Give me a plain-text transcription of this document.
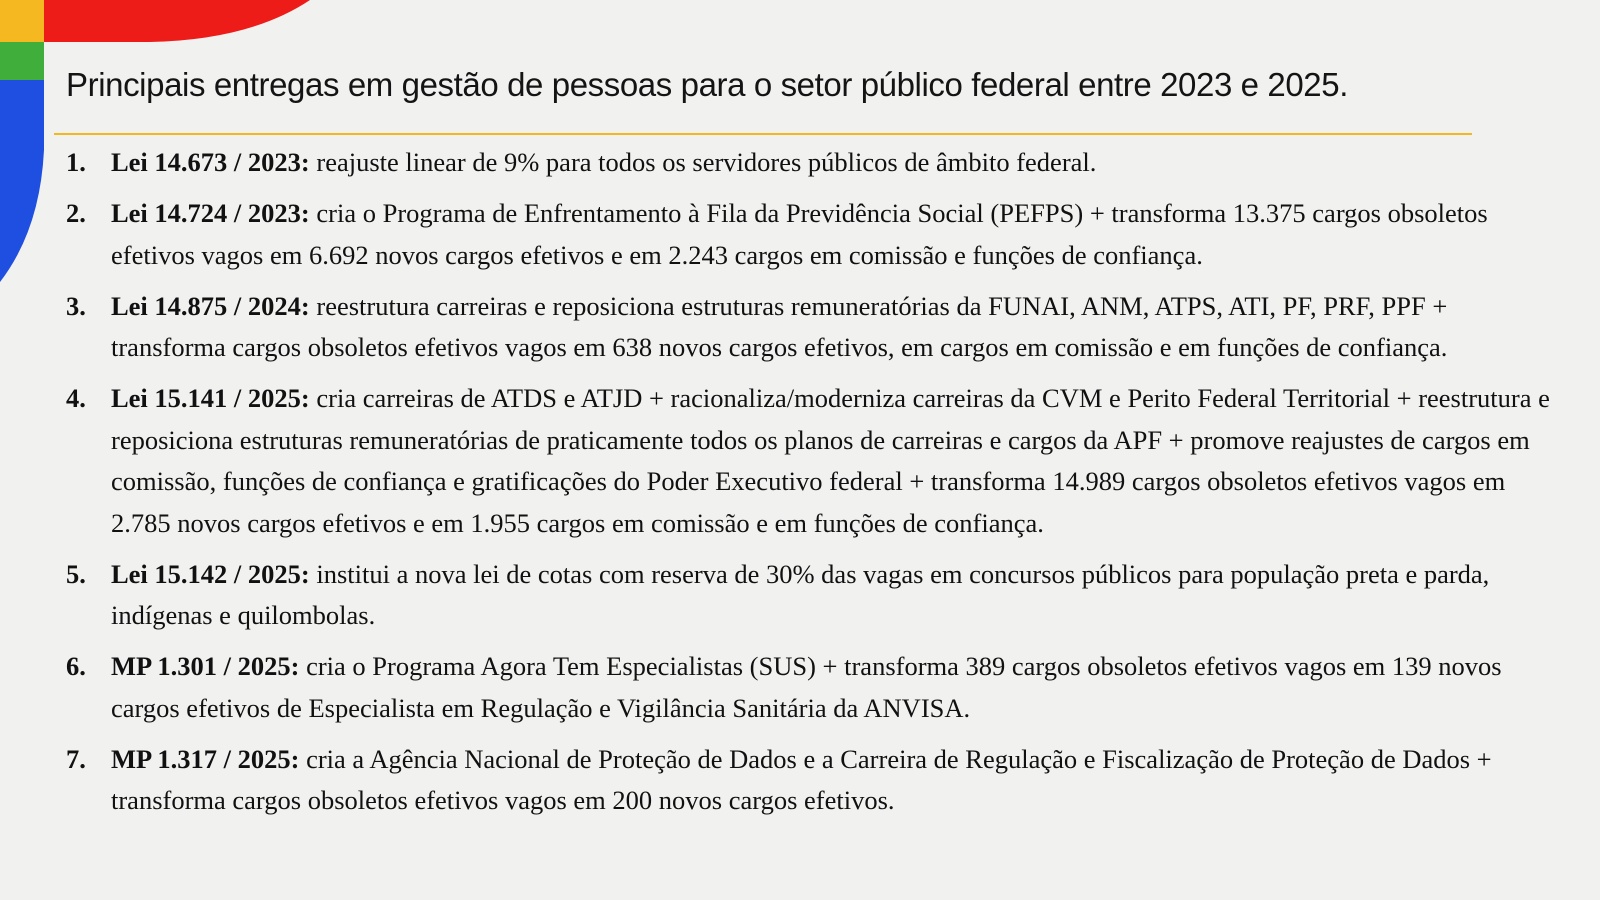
Principais entregas em gestão de pessoas para o setor público federal entre 2023 e 2025.
1. Lei 14.673 / 2023: reajuste linear de 9% para todos os servidores públicos de âmbito federal.
2. Lei 14.724 / 2023: cria o Programa de Enfrentamento à Fila da Previdência Social (PEFPS) + transforma 13.375 cargos obsoletos efetivos vagos em 6.692 novos cargos efetivos e em 2.243 cargos em comissão e funções de confiança.
3. Lei 14.875 / 2024: reestrutura carreiras e reposiciona estruturas remuneratórias da FUNAI, ANM, ATPS, ATI, PF, PRF, PPF + transforma cargos obsoletos efetivos vagos em 638 novos cargos efetivos, em cargos em comissão e em funções de confiança.
4. Lei 15.141 / 2025: cria carreiras de ATDS e ATJD + racionaliza/moderniza carreiras da CVM e Perito Federal Territorial + reestrutura e reposiciona estruturas remuneratórias de praticamente todos os planos de carreiras e cargos da APF + promove reajustes de cargos em comissão, funções de confiança e gratificações do Poder Executivo federal + transforma 14.989 cargos obsoletos efetivos vagos em 2.785 novos cargos efetivos e em 1.955 cargos em comissão e em funções de confiança.
5. Lei 15.142 / 2025: institui a nova lei de cotas com reserva de 30% das vagas em concursos públicos para população preta e parda, indígenas e quilombolas.
6. MP 1.301 / 2025: cria o Programa Agora Tem Especialistas (SUS) + transforma 389 cargos obsoletos efetivos vagos em 139 novos cargos efetivos de Especialista em Regulação e Vigilância Sanitária da ANVISA.
7. MP 1.317 / 2025: cria a Agência Nacional de Proteção de Dados e a Carreira de Regulação e Fiscalização de Proteção de Dados + transforma cargos obsoletos efetivos vagos em 200 novos cargos efetivos.
